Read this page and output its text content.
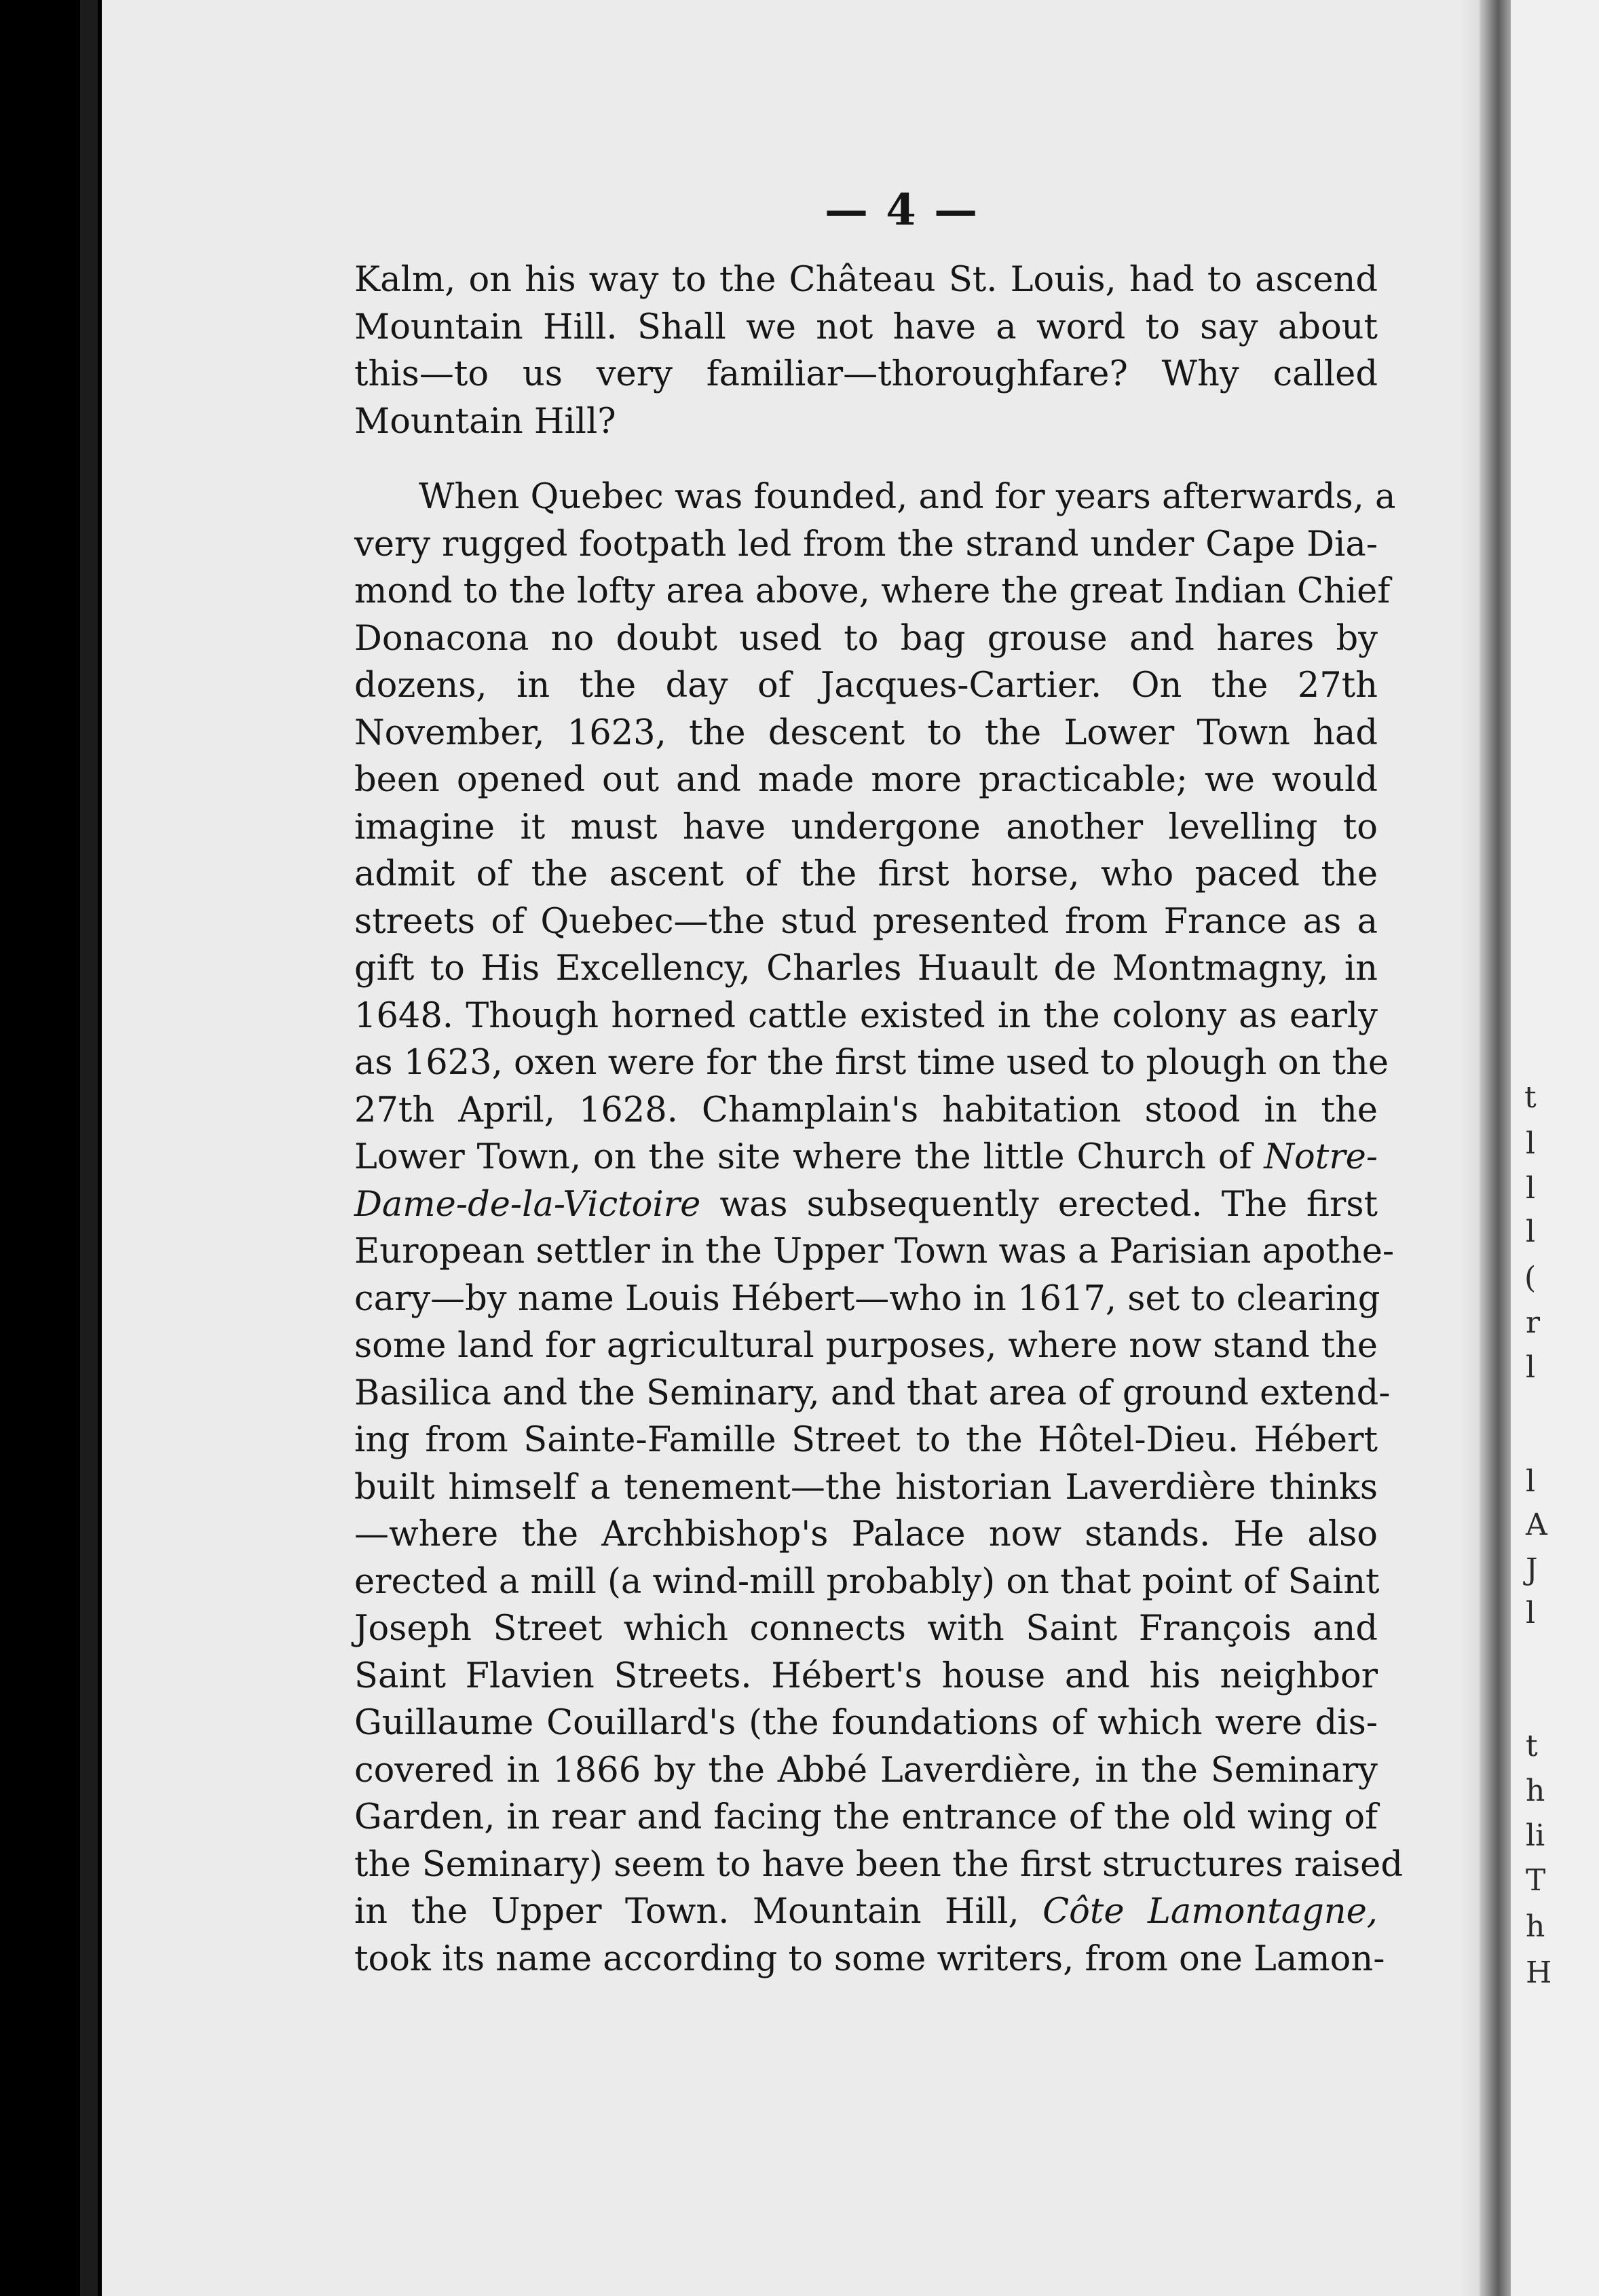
t
l
l
l
(
r
l
l
A
J
l
t
h
li
T
h
H
— 4 —

Kalm, on his way to the Château St. Louis, had to ascend
Mountain Hill. Shall we not have a word to say about
this—to us very familiar—thoroughfare? Why called
Mountain Hill?

When Quebec was founded, and for years afterwards, a
very rugged footpath led from the strand under Cape Dia-
mond to the lofty area above, where the great Indian Chief
Donacona no doubt used to bag grouse and hares by
dozens, in the day of Jacques-Cartier. On the 27th
November, 1623, the descent to the Lower Town had
been opened out and made more practicable; we would
imagine it must have undergone another levelling to
admit of the ascent of the first horse, who paced the
streets of Quebec—the stud presented from France as a
gift to His Excellency, Charles Huault de Montmagny, in
1648. Though horned cattle existed in the colony as early
as 1623, oxen were for the first time used to plough on the
27th April, 1628. Champlain's habitation stood in the
Lower Town, on the site where the little Church of Notre-
Dame-de-la-Victoire was subsequently erected. The first
European settler in the Upper Town was a Parisian apothe-
cary—by name Louis Hébert—who in 1617, set to clearing
some land for agricultural purposes, where now stand the
Basilica and the Seminary, and that area of ground extend-
ing from Sainte-Famille Street to the Hôtel-Dieu. Hébert
built himself a tenement—the historian Laverdière thinks
—where the Archbishop's Palace now stands. He also
erected a mill (a wind-mill probably) on that point of Saint
Joseph Street which connects with Saint François and
Saint Flavien Streets. Hébert's house and his neighbor
Guillaume Couillard's (the foundations of which were dis-
covered in 1866 by the Abbé Laverdière, in the Seminary
Garden, in rear and facing the entrance of the old wing of
the Seminary) seem to have been the first structures raised
in the Upper Town. Mountain Hill, Côte Lamontagne,
took its name according to some writers, from one Lamon-
